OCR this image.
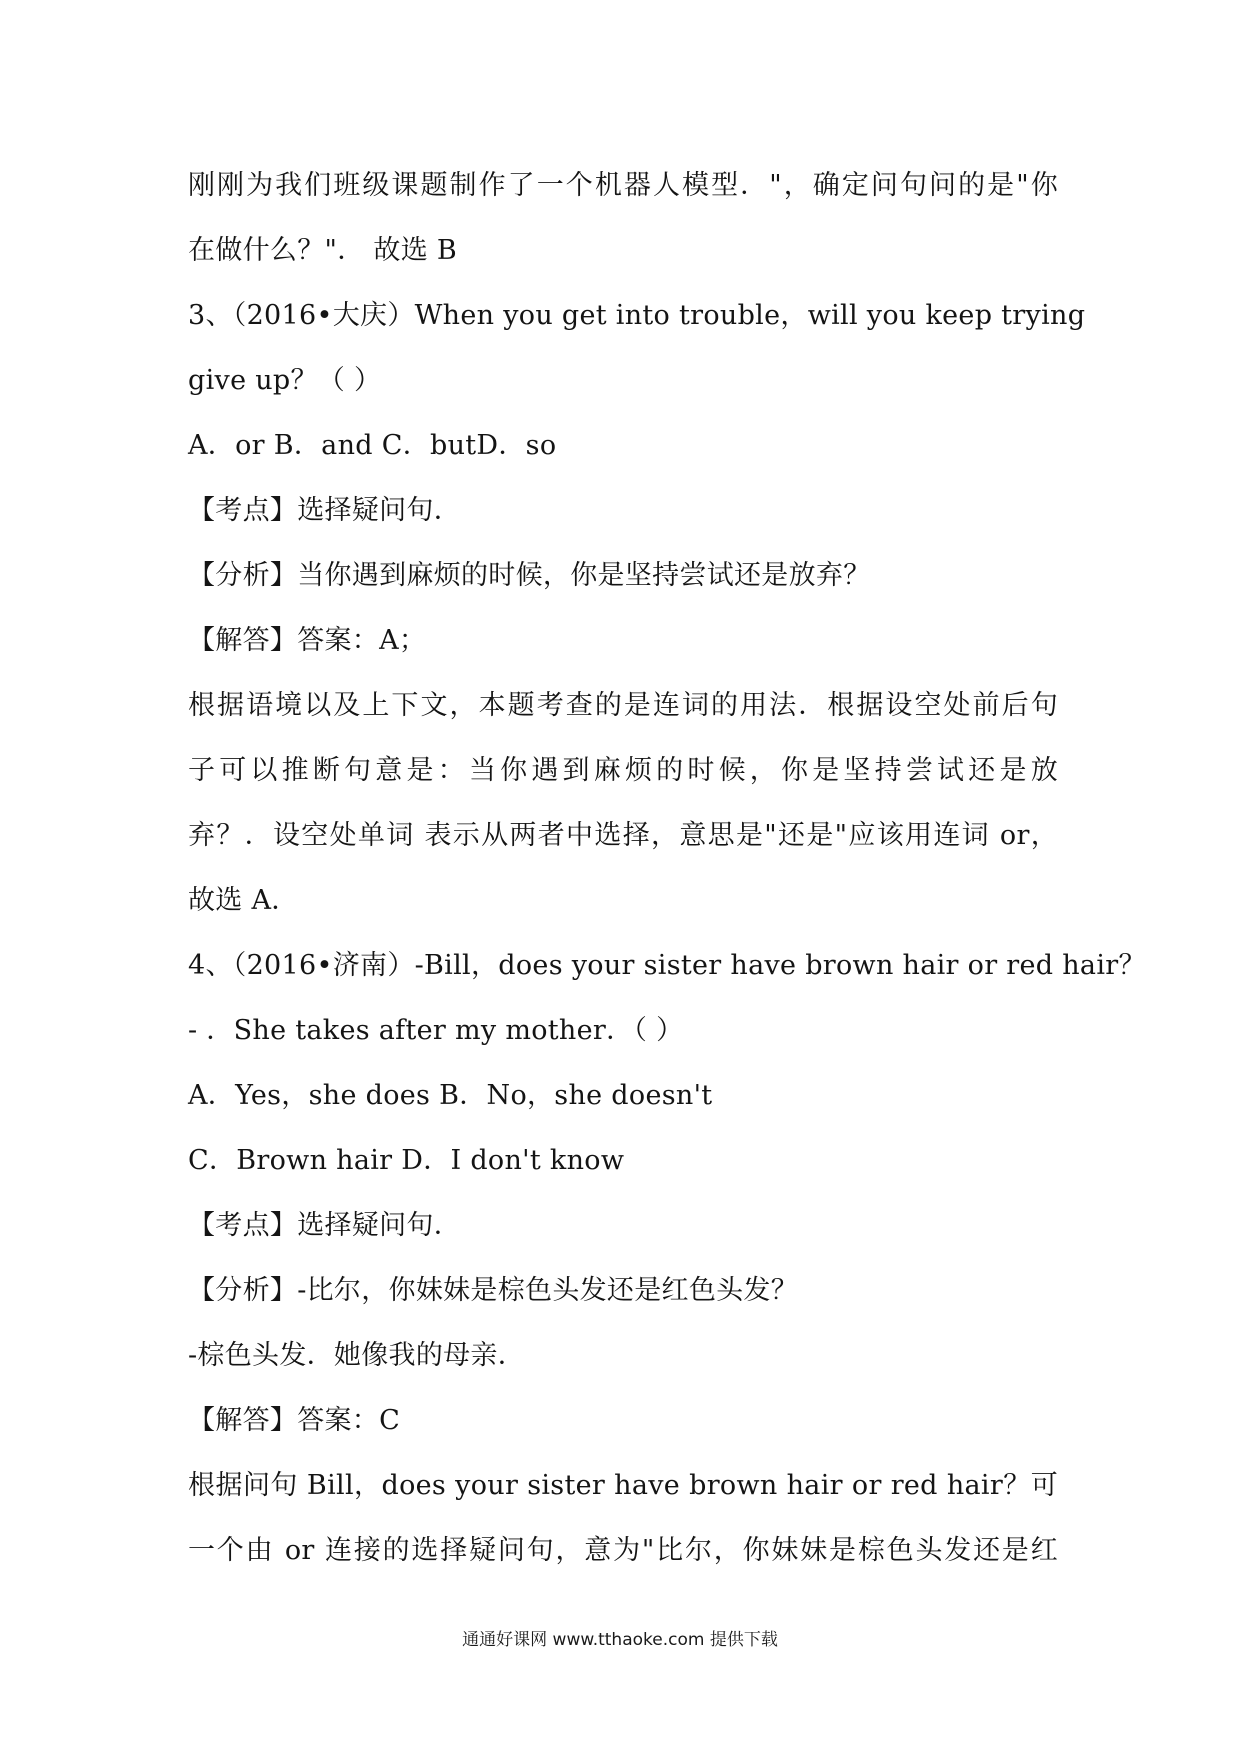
刚刚为我们班级课题制作了一个机器人模型．"，确定问句问的是"你
在做什么？"． 故选 B
3、（2016•大庆）When you get into trouble，will you keep trying
give up？（ ）
A．or B．and C．butD．so
【考点】选择疑问句．
【分析】当你遇到麻烦的时候，你是坚持尝试还是放弃？
【解答】答案：A；
根据语境以及上下文，本题考查的是连词的用法．根据设空处前后句
子可以推断句意是：当你遇到麻烦的时候，你是坚持尝试还是放
弃？．设空处单词 表示从两者中选择，意思是"还是"应该用连词 or，
故选 A．
4、（2016•济南）-Bill，does your sister have brown hair or red hair？
- ．She takes after my mother．（ ）
A．Yes，she does B．No，she doesn't
C．Brown hair D．I don't know
【考点】选择疑问句．
【分析】-比尔，你妹妹是棕色头发还是红色头发？
-棕色头发．她像我的母亲．
【解答】答案：C
根据问句 Bill，does your sister have brown hair or red hair？可
一个由 or 连接的选择疑问句，意为"比尔，你妹妹是棕色头发还是红
通通好课网 www.tthaoke.com 提供下载
